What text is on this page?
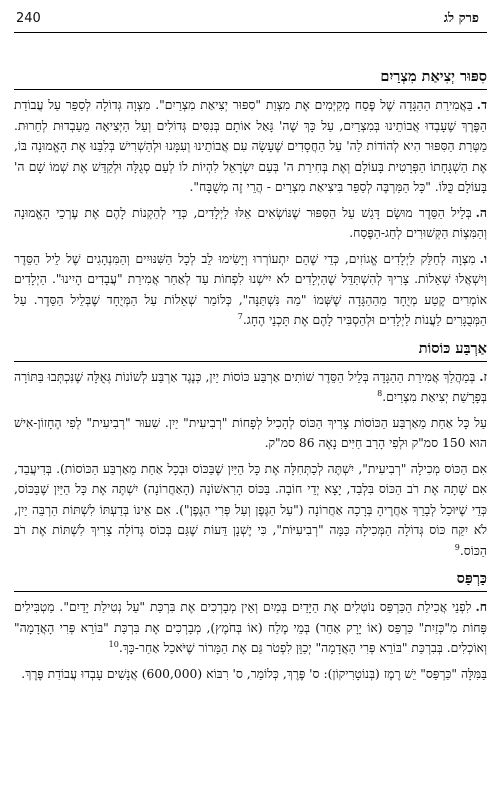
פרק לג
240
סִפּוּר יְצִיאַת מִצְרַיִם

ד.בַּאֲמִירַת הַהַגָּדָה שֶׁל פֶּסַח מְקַיְּמִים אֶת מִצְוַת "סִפּוּר יְצִיאַת מִצְרַיִם". מִצְוָה גְּדוֹלָה לְסַפֵּר עַל עֲבוֹדַת הַפֶּרֶךְ שֶׁעָבְדוּ אֲבוֹתֵינוּ בְּמִצְרַיִם, עַל כָּךְ שֶׁה' גָּאַל אוֹתָם בְּנִסִּים גְּדוֹלִים וְעַל הַיְּצִיאָה מֵעַבְדוּת לְחֵרוּת. מַטְּרַת הַסִּפּוּר הִיא לְהוֹדוֹת לַה' עַל הַחֲסָדִים שֶׁעָשָׂה עִם אֲבוֹתֵינוּ וְעִמָּנוּ וּלְהַשְׁרִישׁ בְּלִבֵּנוּ אֶת הָאֱמוּנָה בּוֹ, אֶת הַשְׁגָּחָתוֹ הַפְּרָטִית בָּעוֹלָם וְאֶת בְּחִירַת ה' בְּעַם יִשְׂרָאֵל לִהְיוֹת לוֹ לְעַם סְגֻלָּה וּלְקַדֵּשׁ אֶת שְׁמוֹ שָׁם ה' בָּעוֹלָם כֻּלּוֹ. "כָּל הַמַּרְבֶּה לְסַפֵּר בִּיצִיאַת מִצְרַיִם - הֲרֵי זֶה מְשֻׁבָּח".

ה.בְּלֵיל הַסֵּדֶר מוּשָׂם דָּגֵשׁ עַל הַסִּפּוּר שֶׁנּוֹשְׂאִים אֵלּוּ לַיְלָדִים, כְּדֵי לְהַקְנוֹת לָהֶם אֶת עֶרְכֵי הָאֱמוּנָה וְהַמִּצְוֹת הַקְּשׁוּרִים לְחַג-הַפֶּסַח.

ו.מִצְוָה לְחַלֵּק לַיְלָדִים אֱגוֹזִים, כְּדֵי שֶׁהֵם יִתְעוֹרְרוּ וְיָשִׂימוּ לֵב לְכָל הַשִּׁנּוּיִים וְהַמִּנְהָגִים שֶׁל לֵיל הַסֵּדֶר וְיִשְׁאֲלוּ שְׁאֵלוֹת. צָרִיךְ לְהִשְׁתַּדֵּל שֶׁהַיְלָדִים לֹא יִישְׁנוּ לִפְחוֹת עַד לְאַחַר אֲמִירַת "עֲבָדִים הָיִינוּ". הַיְלָדִים אוֹמְרִים קֶטַע מְיֻחָד מֵהַהַגָּדָה שֶׁשְּׁמוֹ "מַה נִּשְׁתַּנָּה", כְּלוֹמַר שְׁאֵלוֹת עַל הַמְּיֻחָד שֶׁבְּלֵיל הַסֵּדֶר. עַל הַמְּבֻגָּרִים לַעֲנוֹת לַיְלָדִים וּלְהַסְבִּיר לָהֶם אֶת תָּכְנֵי הֶחָג.$^7$

אַרְבַּע כּוֹסוֹת

ז.בְּמַהֲלַךְ אֲמִירַת הַהַגָּדָה בְּלֵיל הַסֵּדֶר שׁוֹתִים אַרְבַּע כּוֹסוֹת יַיִן, כְּנֶגֶד אַרְבַּע לְשׁוֹנוֹת גְּאֻלָּה שֶׁנִּכְתְּבוּ בַּתּוֹרָה בְּפָרָשַׁת יְצִיאַת מִצְרַיִם.$^8$

עַל כָּל אַחַת מֵאַרְבַּע הַכּוֹסוֹת צָרִיךְ הַכּוֹס לְהָכִיל לְפָחוֹת "רְבִיעִית" יַיִן. שִׁעוּר "רְבִיעִית" לְפִי הֶחָזוֹן-אִישׁ הוּא 150 סמ"ק וּלְפִי הָרַב חַיִּים נָאֶה 86 סמ"ק.

אִם הַכּוֹס מְכִילָה "רְבִיעִית", יִשְׁתֶּה לְכַתְּחִלָּה אֶת כָּל הַיַּיִן שֶׁבַּכּוֹס וּבְכָל אַחַת מֵאַרְבַּע הַכּוֹסוֹת). בְּדִיעֲבַד, אִם שָׁתָה אֶת רֹב הַכּוֹס בִּלְבַד, יָצָא יְדֵי חוֹבָה. בַּכּוֹס הָרִאשׁוֹנָה (הָאַחֲרוֹנָה) יִשְׁתֶּה אֶת כָּל הַיַּיִן שֶׁבַּכּוֹס, כְּדֵי שֶׁיּוּכַל לְבָרֵךְ אַחֲרֶיהָ בְּרָכָה אַחֲרוֹנָה ("עַל הַגֶּפֶן וְעַל פְּרִי הַגֶּפֶן"). אִם אֵינוֹ בְּדַעְתּוֹ לִשְׁתּוֹת הַרְבֵּה יַיִן, לֹא יִקַּח כּוֹס גְּדוֹלָה הַמְּכִילָה כַּמָּה "רְבִיעִיּוֹת", כִּי יֶשְׁנָן דֵּעוֹת שֶׁגַּם בְּכוֹס גְּדוֹלָה צָרִיךְ לִשְׁתּוֹת אֶת רֹב הַכּוֹס.$^9$

כַּרְפַּס

ח.לִפְנֵי אֲכִילַת הַכַּרְפַּס נוֹטְלִים אֶת הַיָּדַיִם בְּמַיִם וְאֵין מְבָרְכִים אֶת בִּרְכַּת "עַל נְטִילַת יָדַיִם". מַטְבִּילִים פָּחוֹת מִ"כְּזַיִת" כַּרְפַּס (אוֹ יָרָק אַחֵר) בְּמֵי מֶלַח (אוֹ בְּחֹמֶץ), מְבָרְכִים אֶת בִּרְכַּת "בּוֹרֵא פְּרִי הָאֲדָמָה" וְאוֹכְלִים. בְּבִרְכַּת "בּוֹרֵא פְּרִי הָאֲדָמָה" יְכַוֵּן לִפְטֹר גַּם אֶת הַמָּרוֹר שֶׁיֹּאכַל אַחַר-כָּךְ.$^{10}$

בַּמִּלָּה "כַּרְפַּס" יֵשׁ רֶמֶז (בְּנוֹטָרִיקוֹן): ס' פֶּרֶךְ, כְּלוֹמַר, ס' רִבּוֹא (600,000) אֲנָשִׁים עָבְדוּ עֲבוֹדַת פֶּרֶךְ.
